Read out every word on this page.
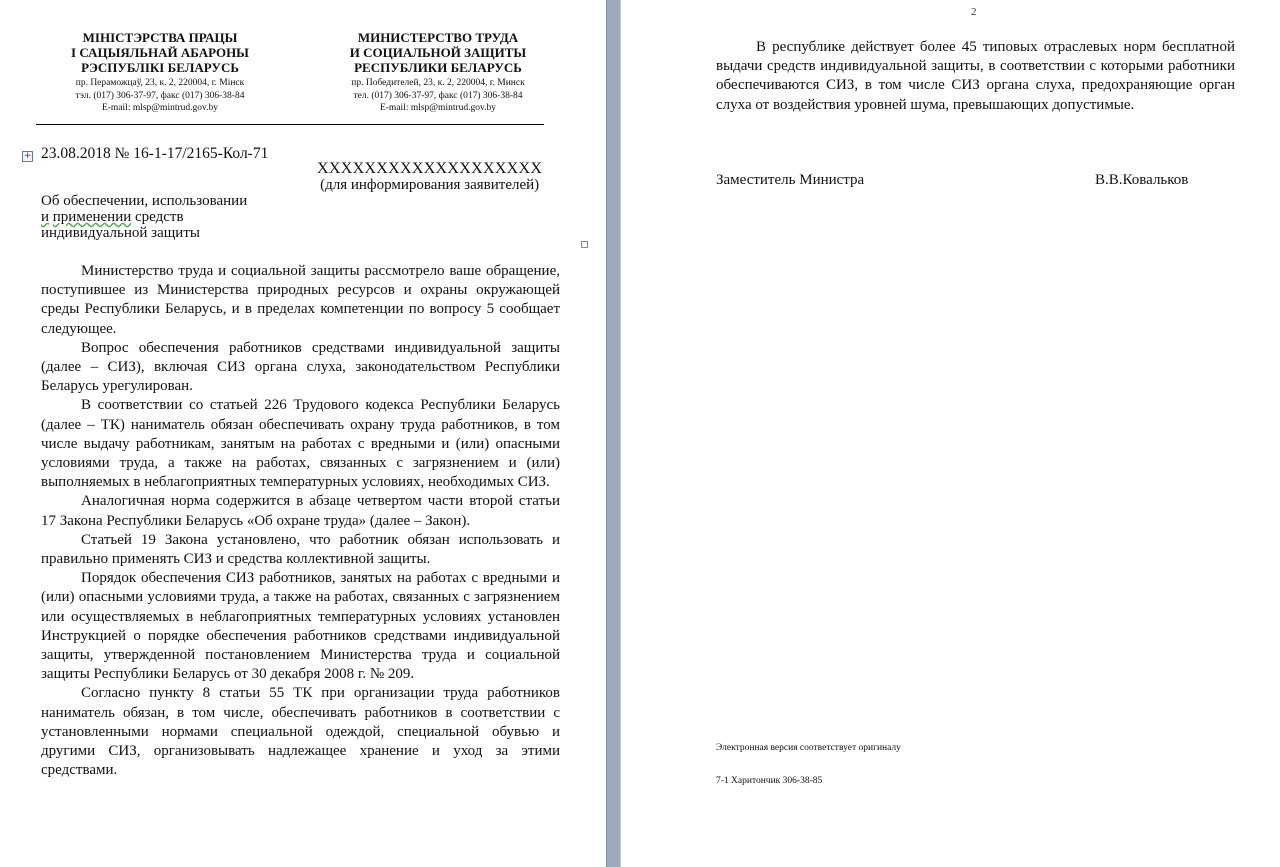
МІНІСТЭРСТВА ПРАЦЫ
І САЦЫЯЛЬНАЙ АБАРОНЫ
РЭСПУБЛІКІ БЕЛАРУСЬ
пр. Пераможцаў, 23, к. 2, 220004, г. Мінск
тэл. (017) 306-37-97, факс (017) 306-38-84
E-mail: mlsp@mintrud.gov.by
МИНИСТЕРСТВО ТРУДА
И СОЦИАЛЬНОЙ ЗАЩИТЫ
РЕСПУБЛИКИ БЕЛАРУСЬ
пр. Победителей, 23, к. 2, 220004, г. Минск
тел. (017) 306-37-97, факс (017) 306-38-84
E-mail: mlsp@mintrud.gov.by
+ 23.08.2018 № 16-1-17/2165-Кол-71
XXXXXXXXXXXXXXXXXXX
(для информирования заявителей)
Об обеспечении, использовании
и применении средств
индивидуальной защиты

Министерство труда и социальной защиты рассмотрело ваше обращение, поступившее из Министерства природных ресурсов и охраны окружающей среды Республики Беларусь, и в пределах компетенции по вопросу 5 сообщает следующее.

Вопрос обеспечения работников средствами индивидуальной защиты (далее – СИЗ), включая СИЗ органа слуха, законодательством Республики Беларусь урегулирован.

В соответствии со статьей 226 Трудового кодекса Республики Беларусь (далее – ТК) наниматель обязан обеспечивать охрану труда работников, в том числе выдачу работникам, занятым на работах с вредными и (или) опасными условиями труда, а также на работах, связанных с загрязнением и (или) выполняемых в неблагоприятных температурных условиях, необходимых СИЗ.

Аналогичная норма содержится в абзаце четвертом части второй статьи 17 Закона Республики Беларусь «Об охране труда» (далее – Закон).

Статьей 19 Закона установлено, что работник обязан использовать и правильно применять СИЗ и средства коллективной защиты.

Порядок обеспечения СИЗ работников, занятых на работах с вредными и (или) опасными условиями труда, а также на работах, связанных с загрязнением или осуществляемых в неблагоприятных температурных условиях установлен Инструкцией о порядке обеспечения работников средствами индивидуальной защиты, утвержденной постановлением Министерства труда и социальной защиты Республики Беларусь от 30 декабря 2008 г. № 209.

Согласно пункту 8 статьи 55 ТК при организации труда работников наниматель обязан, в том числе, обеспечивать работников в соответствии с установленными нормами специальной одеждой, специальной обувью и другими СИЗ, организовывать надлежащее хранение и уход за этими средствами.

2

В республике действует более 45 типовых отраслевых норм бесплатной выдачи средств индивидуальной защиты, в соответствии с которыми работники обеспечиваются СИЗ, в том числе СИЗ органа слуха, предохраняющие орган слуха от воздействия уровней шума, превышающих допустимые.

Заместитель Министра	В.В.Ковальков
Электронная версия соответствует оригиналу
7-1 Харитончик 306-38-85
